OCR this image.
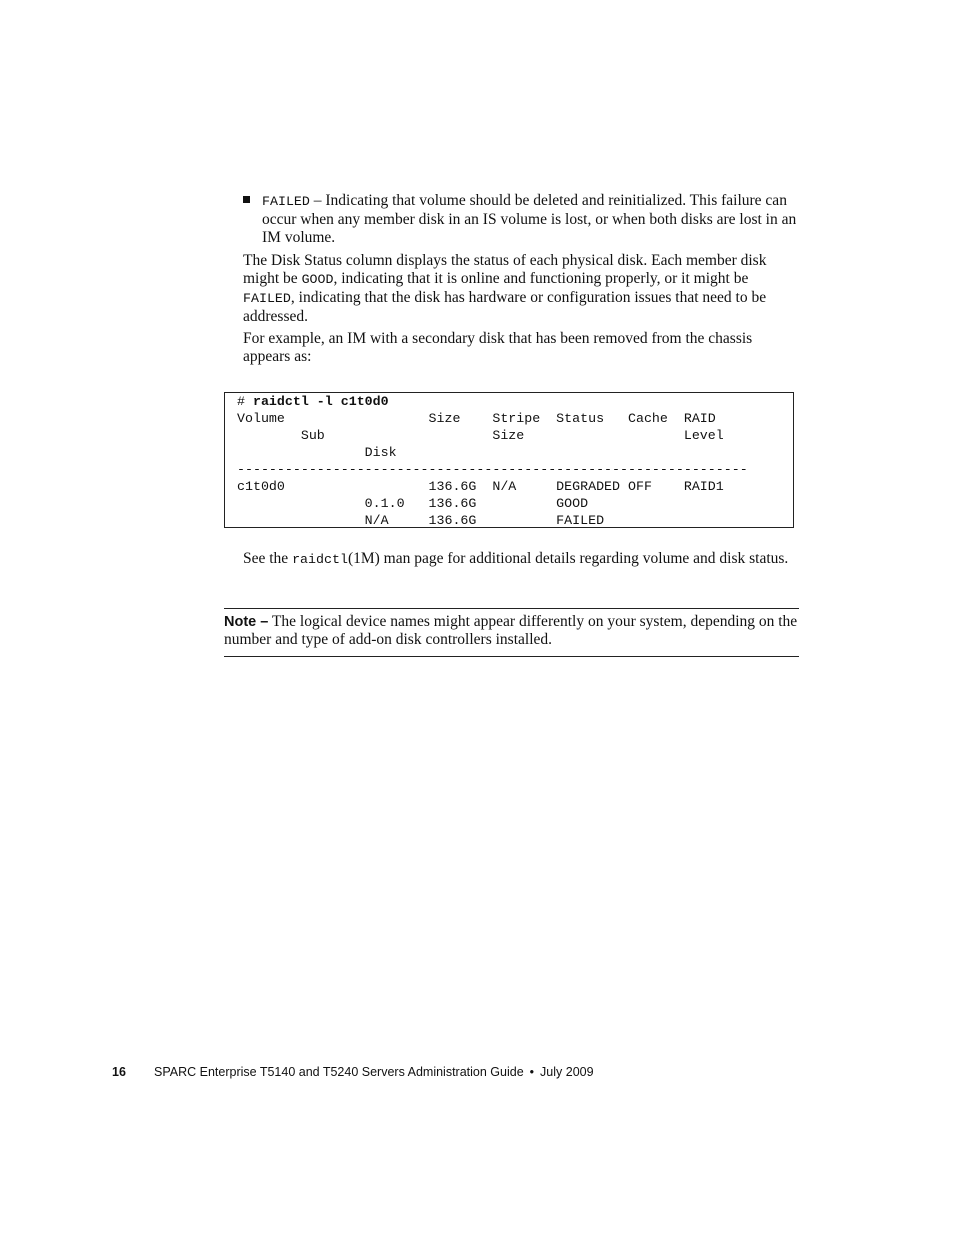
FAILED – Indicating that volume should be deleted and reinitialized. This failure can occur when any member disk in an IS volume is lost, or when both disks are lost in an IM volume.

The Disk Status column displays the status of each physical disk. Each member disk might be GOOD, indicating that it is online and functioning properly, or it might be FAILED, indicating that the disk has hardware or configuration issues that need to be addressed.

For example, an IM with a secondary disk that has been removed from the chassis appears as:

# raidctl -l c1t0d0
Volume                  Size    Stripe  Status   Cache  RAID
Sub                     Size                    Level
Disk
----------------------------------------------------------------
c1t0d0                  136.6G  N/A     DEGRADED OFF    RAID1
0.1.0   136.6G          GOOD
N/A     136.6G          FAILED

See the raidctl(1M) man page for additional details regarding volume and disk status.

Note – The logical device names might appear differently on your system, depending on the number and type of add-on disk controllers installed.

16 SPARC Enterprise T5140 and T5240 Servers Administration Guide • July 2009
